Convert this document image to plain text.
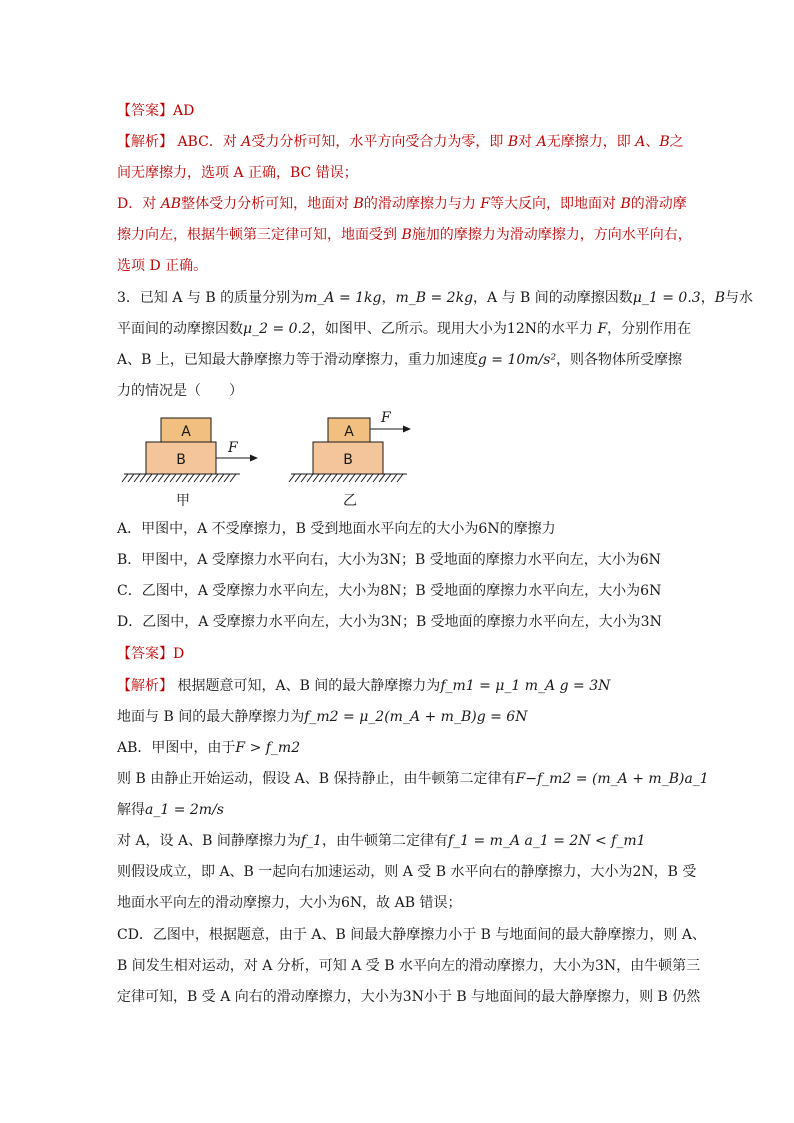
【答案】AD
【解析】 ABC．对 A受力分析可知，水平方向受合力为零，即 B对 A无摩擦力，即 A、B之
间无摩擦力，选项 A 正确，BC 错误；
D．对 AB整体受力分析可知，地面对 B的滑动摩擦力与力 F等大反向，即地面对 B的滑动摩
擦力向左，根据牛顿第三定律可知，地面受到 B施加的摩擦力为滑动摩擦力，方向水平向右，
选项 D 正确。
3．已知 A 与 B 的质量分别为m_A = 1kg，m_B = 2kg，A 与 B 间的动摩擦因数μ_1 = 0.3，B与水
平面间的动摩擦因数μ_2 = 0.2，如图甲、乙所示。现用大小为12N的水平力 F，分别作用在
A、B 上，已知最大静摩擦力等于滑动摩擦力，重力加速度g = 10m/s²，则各物体所受摩擦
力的情况是（　　）
A
B
F
甲
A
B
F
乙
A．甲图中，A 不受摩擦力，B 受到地面水平向左的大小为6N的摩擦力
B．甲图中，A 受摩擦力水平向右，大小为3N；B 受地面的摩擦力水平向左，大小为6N
C．乙图中，A 受摩擦力水平向左，大小为8N；B 受地面的摩擦力水平向左，大小为6N
D．乙图中，A 受摩擦力水平向左，大小为3N；B 受地面的摩擦力水平向左，大小为3N
【答案】D
【解析】 根据题意可知，A、B 间的最大静摩擦力为f_m1 = μ_1 m_A g = 3N
地面与 B 间的最大静摩擦力为f_m2 = μ_2(m_A + m_B)g = 6N
AB．甲图中，由于F > f_m2
则 B 由静止开始运动，假设 A、B 保持静止，由牛顿第二定律有F−f_m2 = (m_A + m_B)a_1
解得a_1 = 2m/s
对 A，设 A、B 间静摩擦力为f_1，由牛顿第二定律有f_1 = m_A a_1 = 2N < f_m1
则假设成立，即 A、B 一起向右加速运动，则 A 受 B 水平向右的静摩擦力，大小为2N，B 受
地面水平向左的滑动摩擦力，大小为6N，故 AB 错误；
CD．乙图中，根据题意，由于 A、B 间最大静摩擦力小于 B 与地面间的最大静摩擦力，则 A、
B 间发生相对运动，对 A 分析，可知 A 受 B 水平向左的滑动摩擦力，大小为3N，由牛顿第三
定律可知，B 受 A 向右的滑动摩擦力，大小为3N小于 B 与地面间的最大静摩擦力，则 B 仍然
